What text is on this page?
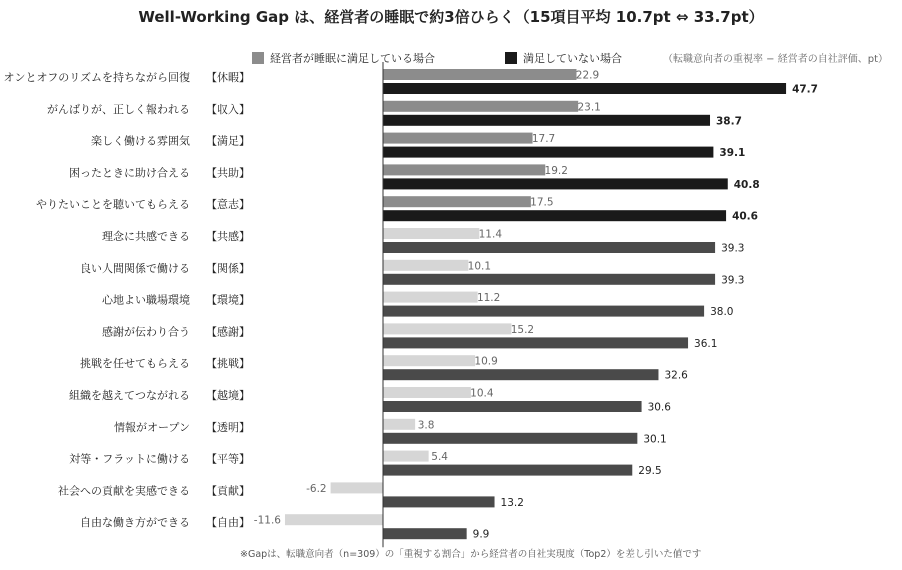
Well-Working Gap は、経営者の睡眠で約3倍ひらく（15項目平均 10.7pt ⇔ 33.7pt）
経営者が睡眠に満足している場合	満足していない場合	（転職意向者の重視率 − 経営者の自社評価、pt）
22.9
47.7
23.1
38.7
17.7
39.1
19.2
40.8
17.5
40.6
11.4
39.3
10.1
39.3
11.2
38.0
15.2
36.1
10.9
32.6
10.4
30.6
3.8
30.1
5.4
29.5
-6.2
13.2
-11.6
9.9
オンとオフのリズムを持ちながら回復 【休暇】
がんばりが、正しく報われる 【収入】
楽しく働ける雰囲気 【満足】
困ったときに助け合える 【共助】
やりたいことを聴いてもらえる 【意志】
理念に共感できる 【共感】
良い人間関係で働ける 【関係】
心地よい職場環境 【環境】
感謝が伝わり合う 【感謝】
挑戦を任せてもらえる 【挑戦】
組織を越えてつながれる 【越境】
情報がオープン 【透明】
対等・フラットに働ける 【平等】
社会への貢献を実感できる 【貢献】
自由な働き方ができる 【自由】
※Gapは、転職意向者（n=309）の「重視する割合」から経営者の自社実現度（Top2）を差し引いた値です
